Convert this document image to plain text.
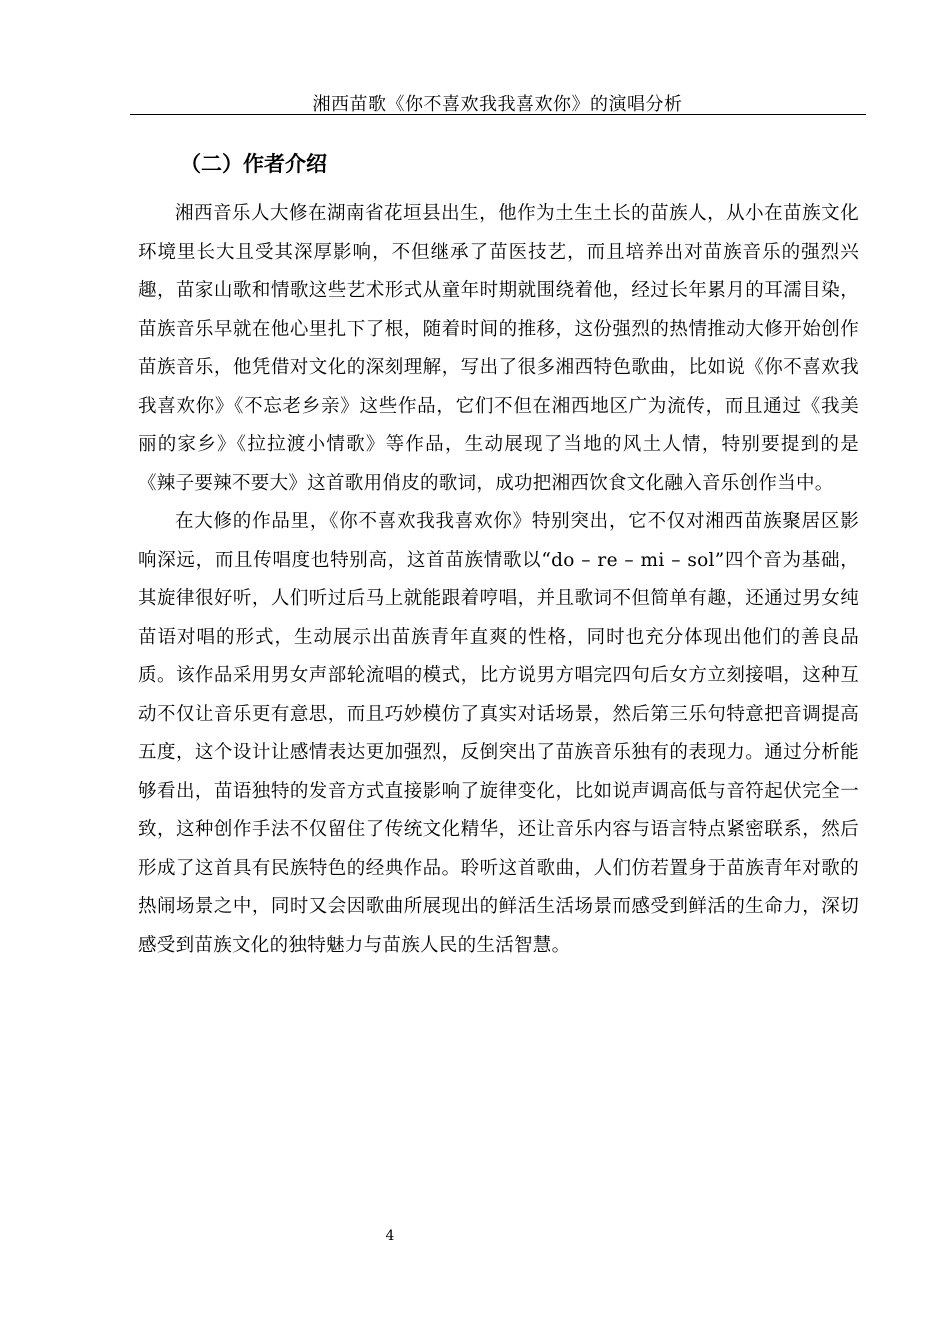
湘西苗歌《你不喜欢我我喜欢你》的演唱分析
（二）作者介绍

湘西音乐人大修在湖南省花垣县出生，他作为土生土长的苗族人，从小在苗族文化环境里长大且受其深厚影响，不但继承了苗医技艺，而且培养出对苗族音乐的强烈兴趣，苗家山歌和情歌这些艺术形式从童年时期就围绕着他，经过长年累月的耳濡目染，苗族音乐早就在他心里扎下了根，随着时间的推移，这份强烈的热情推动大修开始创作苗族音乐，他凭借对文化的深刻理解，写出了很多湘西特色歌曲，比如说《你不喜欢我我喜欢你》《不忘老乡亲》这些作品，它们不但在湘西地区广为流传，而且通过《我美丽的家乡》《拉拉渡小情歌》等作品，生动展现了当地的风土人情，特别要提到的是《辣子要辣不要大》这首歌用俏皮的歌词，成功把湘西饮食文化融入音乐创作当中。

在大修的作品里，《你不喜欢我我喜欢你》特别突出，它不仅对湘西苗族聚居区影响深远，而且传唱度也特别高，这首苗族情歌以“do – re – mi – sol”四个音为基础，其旋律很好听，人们听过后马上就能跟着哼唱，并且歌词不但简单有趣，还通过男女纯苗语对唱的形式，生动展示出苗族青年直爽的性格，同时也充分体现出他们的善良品质。该作品采用男女声部轮流唱的模式，比方说男方唱完四句后女方立刻接唱，这种互动不仅让音乐更有意思，而且巧妙模仿了真实对话场景，然后第三乐句特意把音调提高五度，这个设计让感情表达更加强烈，反倒突出了苗族音乐独有的表现力。通过分析能够看出，苗语独特的发音方式直接影响了旋律变化，比如说声调高低与音符起伏完全一致，这种创作手法不仅留住了传统文化精华，还让音乐内容与语言特点紧密联系，然后形成了这首具有民族特色的经典作品。聆听这首歌曲，人们仿若置身于苗族青年对歌的热闹场景之中，同时又会因歌曲所展现出的鲜活生活场景而感受到鲜活的生命力，深切感受到苗族文化的独特魅力与苗族人民的生活智慧。

4
